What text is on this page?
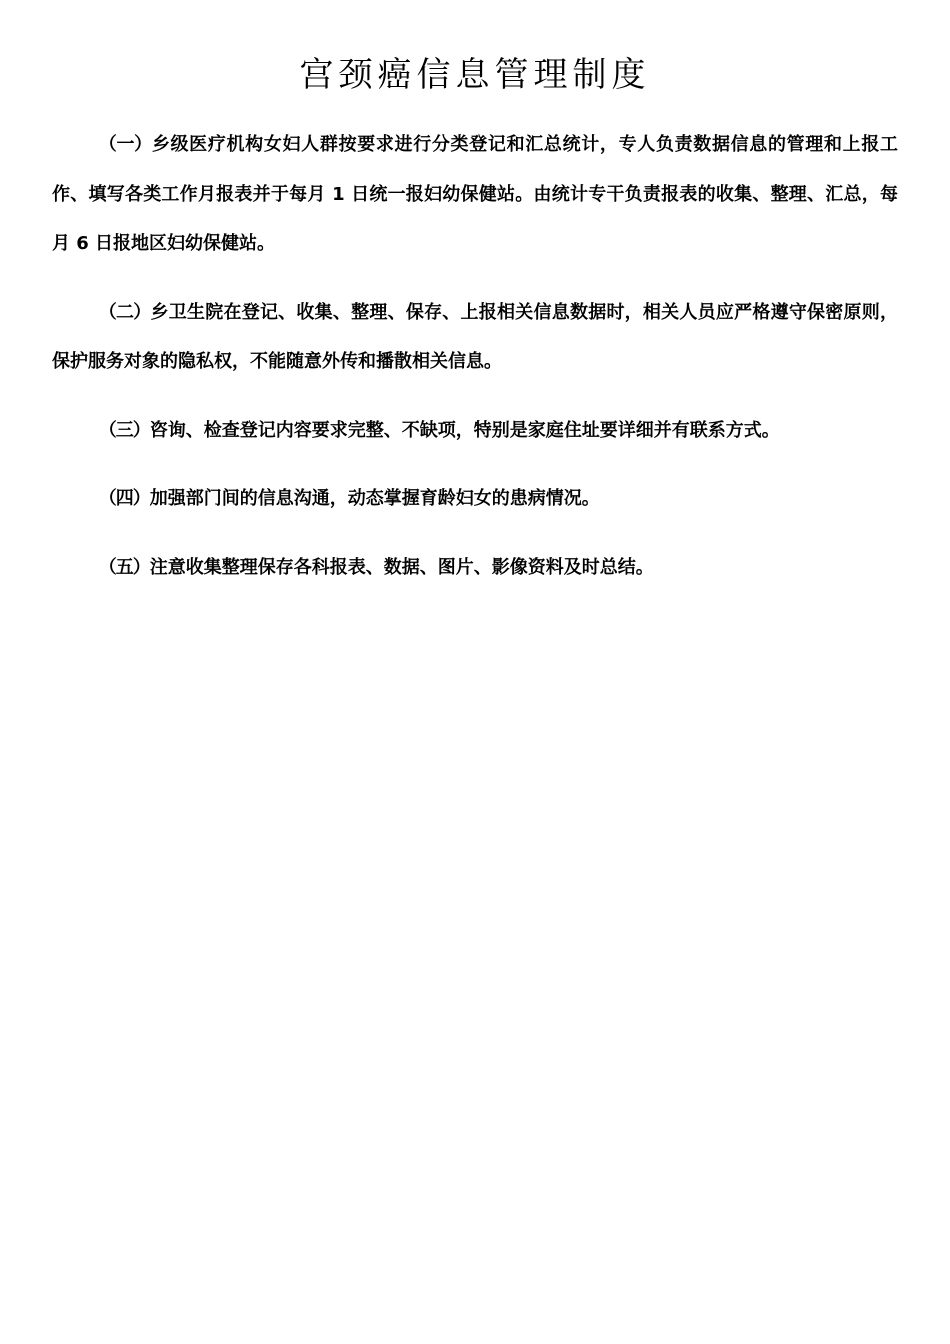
宫颈癌信息管理制度

（一）乡级医疗机构女妇人群按要求进行分类登记和汇总统计，专人负责数据信息的管理和上报工作、填写各类工作月报表并于每月 1 日统一报妇幼保健站。由统计专干负责报表的收集、整理、汇总，每月 6 日报地区妇幼保健站。

（二）乡卫生院在登记、收集、整理、保存、上报相关信息数据时，相关人员应严格遵守保密原则，保护服务对象的隐私权，不能随意外传和播散相关信息。

（三）咨询、检查登记内容要求完整、不缺项，特别是家庭住址要详细并有联系方式。

（四）加强部门间的信息沟通，动态掌握育龄妇女的患病情况。

（五）注意收集整理保存各科报表、数据、图片、影像资料及时总结。
